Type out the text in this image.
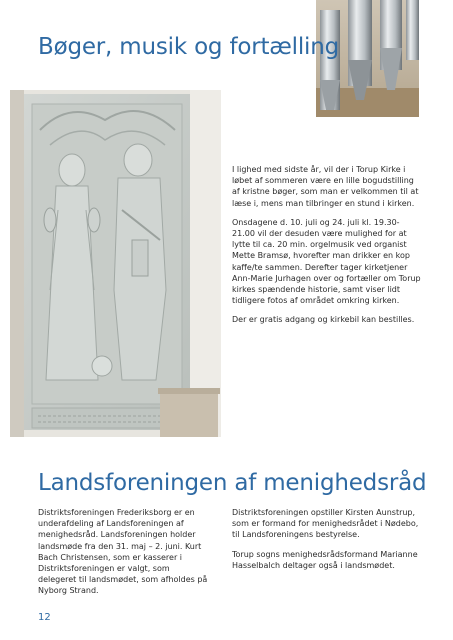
Bøger, musik og fortælling

I lighed med sidste år, vil der i Torup Kirke i løbet af sommeren være en lille bogudstilling af kristne bøger, som man er velkommen til at læse i, mens man tilbringer en stund i kirken.

Onsdagene d. 10. juli og 24. juli kl. 19.30-21.00 vil der desuden være mulighed for at lytte til ca. 20 min. orgelmusik ved organist Mette Bramsø, hvorefter man drikker en kop kaffe/te sammen. Derefter tager kirketjener Ann-Marie Jurhagen over og fortæller om Torup kirkes spændende historie, samt viser lidt tidligere fotos af området omkring kirken.

Der er gratis adgang og kirkebil kan bestilles.

Landsforeningen af menighedsråd

Distriktsforeningen Frederiksborg er en underafdeling af Landsforeningen af menighedsråd. Landsforeningen holder landsmøde fra den 31. maj – 2. juni. Kurt Bach Christensen, som er kasserer i Distriktsforeningen er valgt, som delegeret til landsmødet, som afholdes på Nyborg Strand.

Distriktsforeningen opstiller Kirsten Aunstrup, som er formand for menighedsrådet i Nødebo, til Landsforeningens bestyrelse.

Torup sogns menighedsrådsformand Marianne Hasselbalch deltager også i landsmødet.

12
